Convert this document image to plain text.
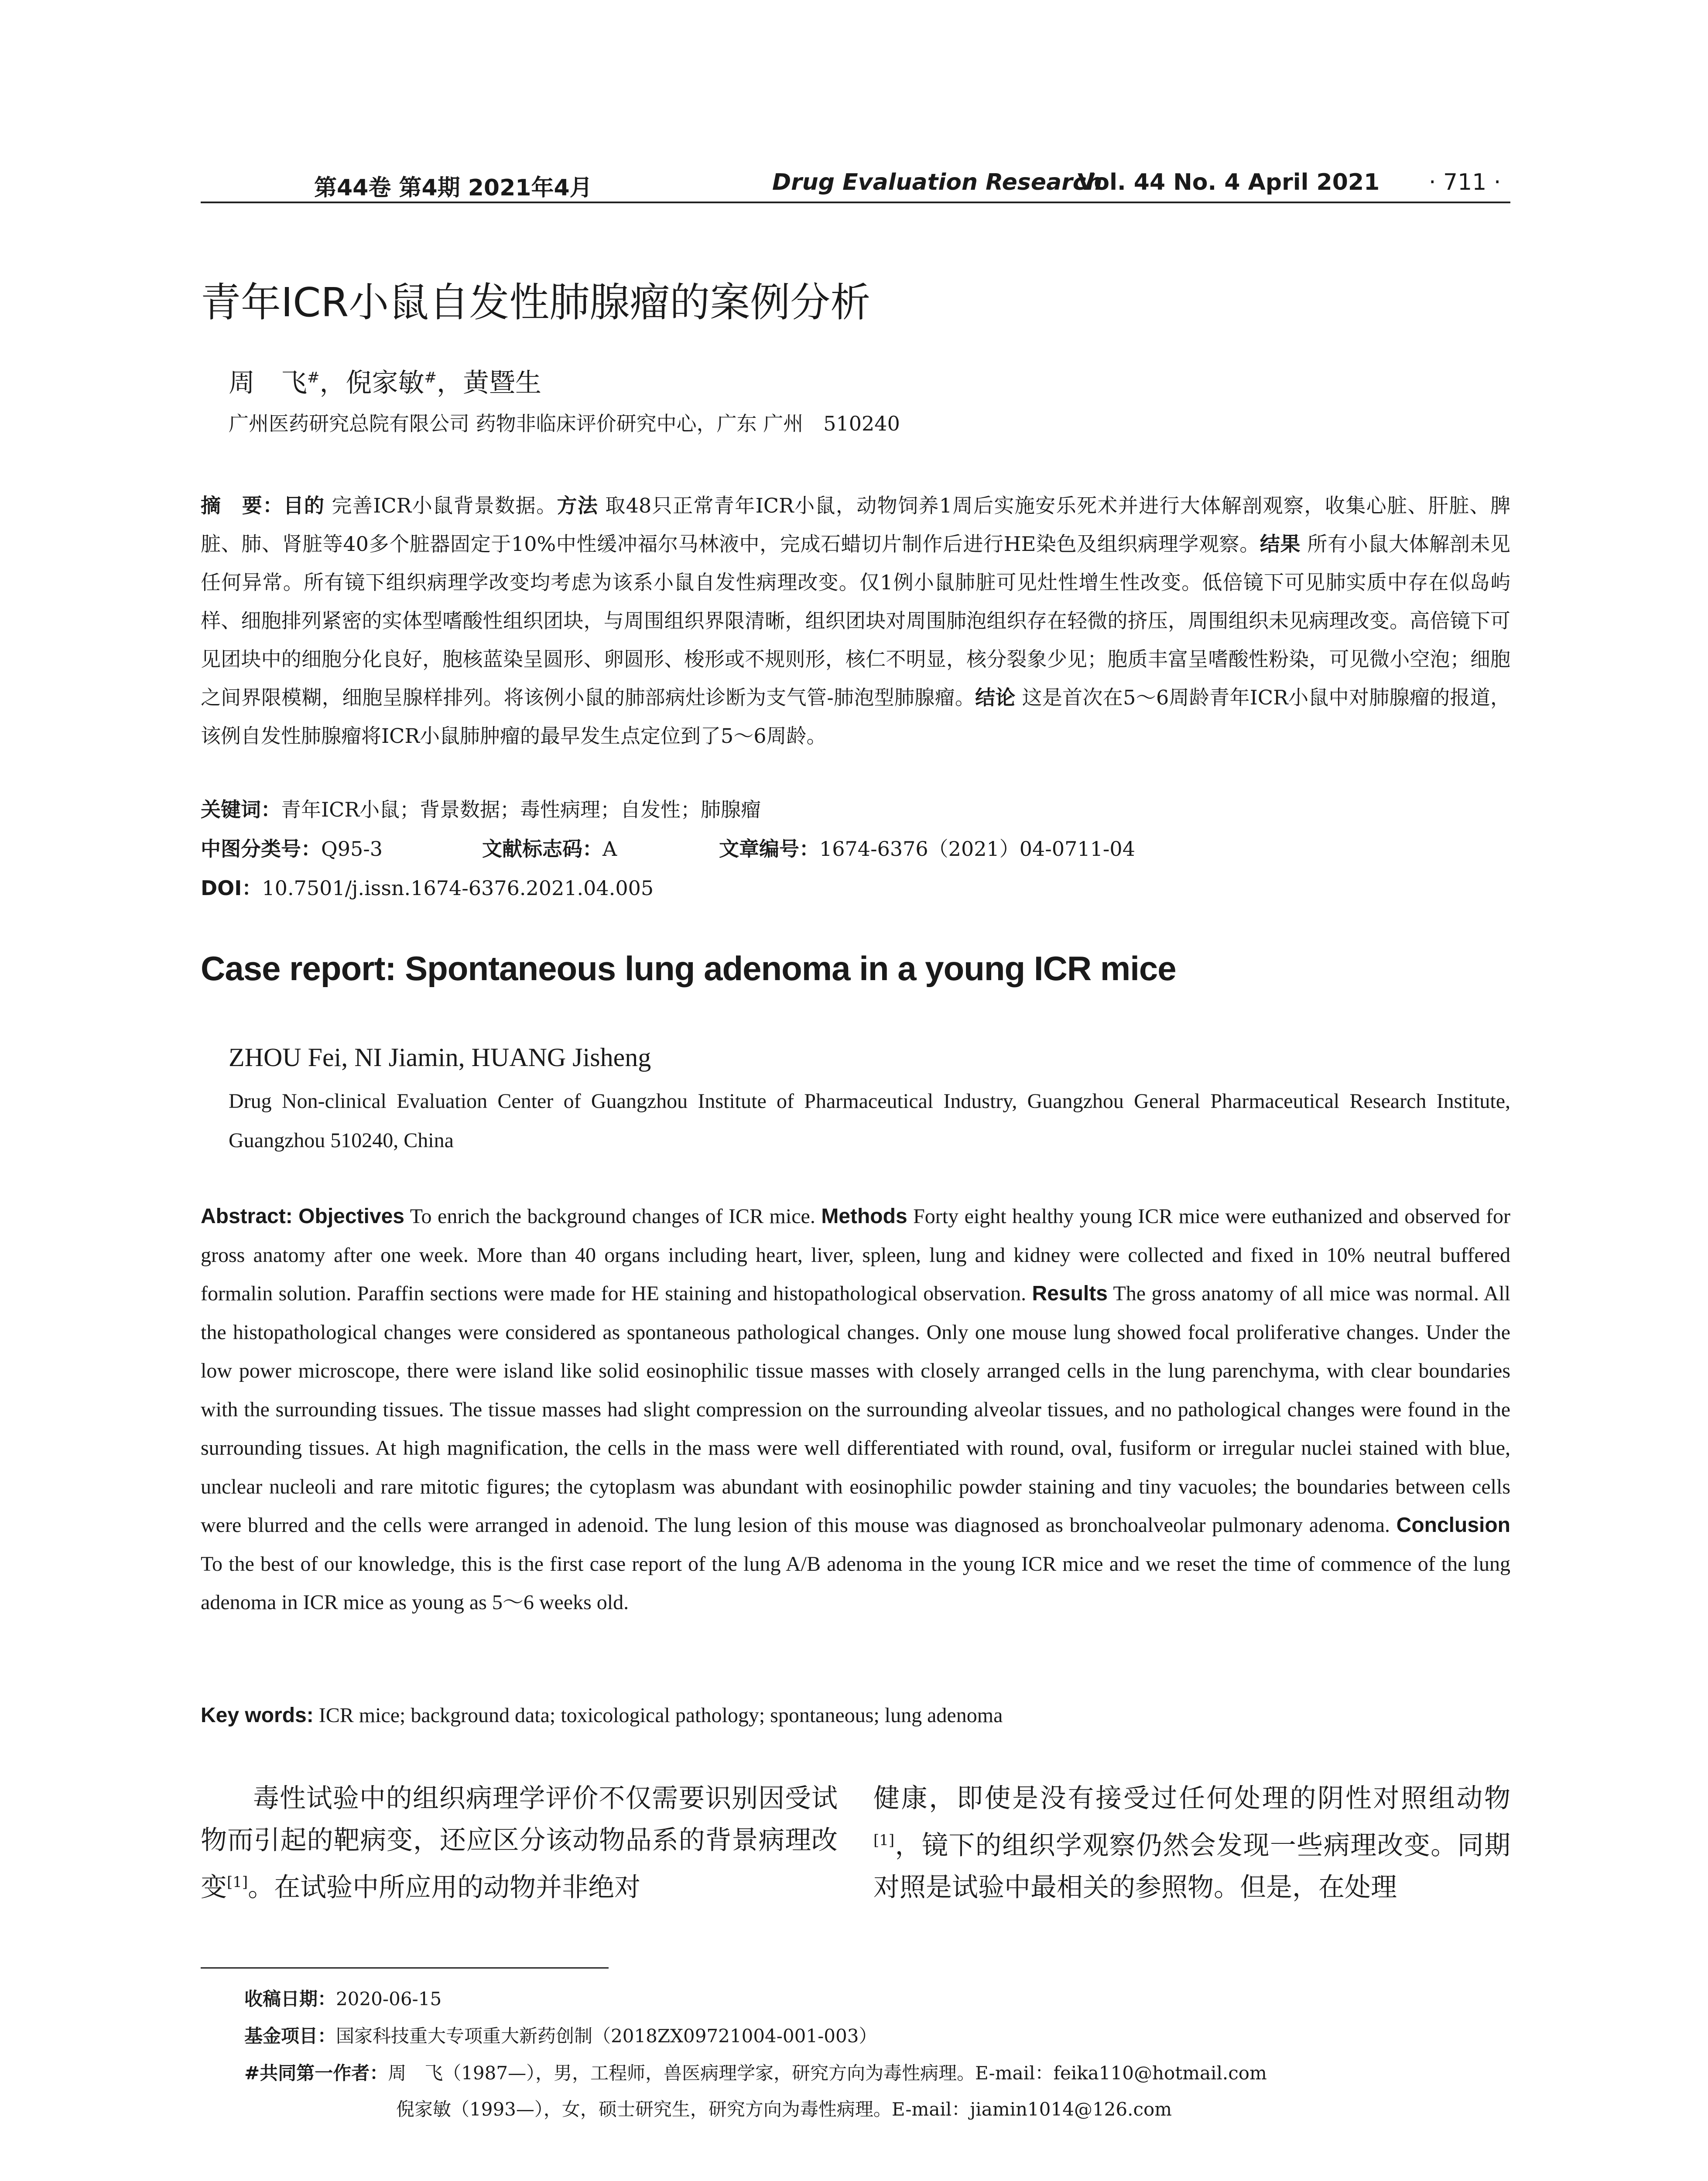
第44卷 第4期 2021年4月	Drug Evaluation Research
Vol. 44 No. 4 April 2021 · 711 ·
青年ICR小鼠自发性肺腺瘤的案例分析
周　飞#，倪家敏#，黄暨生
广州医药研究总院有限公司 药物非临床评价研究中心，广东 广州　510240
摘　要：目的 完善ICR小鼠背景数据。方法 取48只正常青年ICR小鼠，动物饲养1周后实施安乐死术并进行大体解剖观察，收集心脏、肝脏、脾脏、肺、肾脏等40多个脏器固定于10%中性缓冲福尔马林液中，完成石蜡切片制作后进行HE染色及组织病理学观察。结果 所有小鼠大体解剖未见任何异常。所有镜下组织病理学改变均考虑为该系小鼠自发性病理改变。仅1例小鼠肺脏可见灶性增生性改变。低倍镜下可见肺实质中存在似岛屿样、细胞排列紧密的实体型嗜酸性组织团块，与周围组织界限清晰，组织团块对周围肺泡组织存在轻微的挤压，周围组织未见病理改变。高倍镜下可见团块中的细胞分化良好，胞核蓝染呈圆形、卵圆形、梭形或不规则形，核仁不明显，核分裂象少见；胞质丰富呈嗜酸性粉染，可见微小空泡；细胞之间界限模糊，细胞呈腺样排列。将该例小鼠的肺部病灶诊断为支气管-肺泡型肺腺瘤。结论 这是首次在5～6周龄青年ICR小鼠中对肺腺瘤的报道，该例自发性肺腺瘤将ICR小鼠肺肿瘤的最早发生点定位到了5～6周龄。
关键词：青年ICR小鼠；背景数据；毒性病理；自发性；肺腺瘤
中图分类号：Q95-3	文献标志码：A	文章编号：1674-6376（2021）04-0711-04
DOI：10.7501/j.issn.1674-6376.2021.04.005
Case report: Spontaneous lung adenoma in a young ICR mice
ZHOU Fei, NI Jiamin, HUANG Jisheng
Drug Non-clinical Evaluation Center of Guangzhou Institute of Pharmaceutical Industry, Guangzhou General Pharmaceutical Research Institute, Guangzhou 510240, China
Abstract: Objectives To enrich the background changes of ICR mice. Methods Forty eight healthy young ICR mice were euthanized and observed for gross anatomy after one week. More than 40 organs including heart, liver, spleen, lung and kidney were collected and fixed in 10% neutral buffered formalin solution. Paraffin sections were made for HE staining and histopathological observation. Results The gross anatomy of all mice was normal. All the histopathological changes were considered as spontaneous pathological changes. Only one mouse lung showed focal proliferative changes. Under the low power microscope, there were island like solid eosinophilic tissue masses with closely arranged cells in the lung parenchyma, with clear boundaries with the surrounding tissues. The tissue masses had slight compression on the surrounding alveolar tissues, and no pathological changes were found in the surrounding tissues. At high magnification, the cells in the mass were well differentiated with round, oval, fusiform or irregular nuclei stained with blue, unclear nucleoli and rare mitotic figures; the cytoplasm was abundant with eosinophilic powder staining and tiny vacuoles; the boundaries between cells were blurred and the cells were arranged in adenoid. The lung lesion of this mouse was diagnosed as bronchoalveolar pulmonary adenoma. Conclusion To the best of our knowledge, this is the first case report of the lung A/B adenoma in the young ICR mice and we reset the time of commence of the lung adenoma in ICR mice as young as 5～6 weeks old.
Key words: ICR mice; background data; toxicological pathology; spontaneous; lung adenoma
毒性试验中的组织病理学评价不仅需要识别因受试物而引起的靶病变，还应区分该动物品系的背景病理改变[1]。在试验中所应用的动物并非绝对
健康，即使是没有接受过任何处理的阴性对照组动物[1]，镜下的组织学观察仍然会发现一些病理改变。同期对照是试验中最相关的参照物。但是，在处理
收稿日期：2020-06-15
基金项目：国家科技重大专项重大新药创制（2018ZX09721004-001-003）
#共同第一作者：周　飞（1987—），男，工程师，兽医病理学家，研究方向为毒性病理。E-mail：feika110@hotmail.com
倪家敏（1993—），女，硕士研究生，研究方向为毒性病理。E-mail：jiamin1014@126.com
